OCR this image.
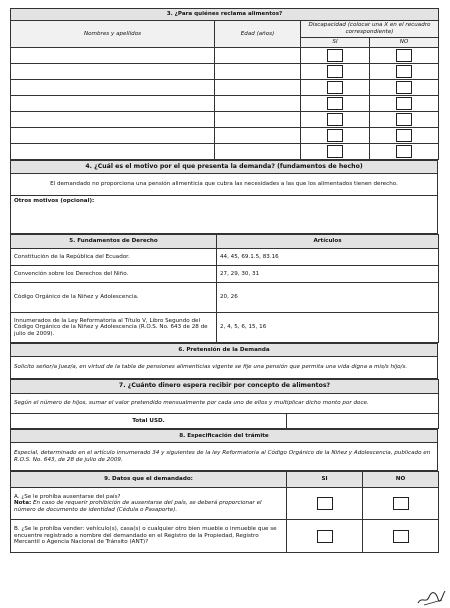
3. ¿Para quiénes reclama alimentos?			
Nombres y apellidos	Edad (años)	Discapacidad (colocar una X en el recuadro correspondiente)	
		SI	NO

4. ¿Cuál es el motivo por el que presenta la demanda? (fundamentos de hecho)
El demandado no proporciona una pensión alimenticia que cubra las necesidades a las que los alimentados tienen derecho.
Otros motivos (opcional):
5. Fundamentos de Derecho	Artículos
Constitución de la República del Ecuador.	44, 45, 69.1.5, 83.16
Convención sobre los Derechos del Niño.	27, 29, 30, 31
Código Orgánico de la Niñez y Adolescencia.	20, 26
Innumerados de la Ley Reformatoria al Título V, Libro Segundo del Código Orgánico de la Niñez y Adolescencia (R.O.S. No. 643 de 28 de julio de 2009).	2, 4, 5, 6, 15, 16
6. Pretensión de la Demanda
Solicito señor/a Juez/a, en virtud de la tabla de pensiones alimenticias vigente se fije una pensión que permita una vida digna a mis/s hijo/s.
7. ¿Cuánto dinero espera recibir por concepto de alimentos?
Según el número de hijos, sumar el valor pretendido mensualmente por cada uno de ellos y multiplicar dicho monto por doce.
Total USD.	
8. Especificación del trámite
Especial, determinado en el artículo innumerado 34 y siguientes de la ley Reformatoria al Código Orgánico de la Niñez y Adolescencia, publicado en R.O.S. No. 643, de 28 de julio de 2009.
9. Datos que el demandado:	SI	NO
A. ¿Se le prohíba ausentarse del país?
Nota: En caso de requerir prohibición de ausentarse del país, se deberá proporcionar el número de documento de identidad (Cédula o Pasaporte).		
B. ¿Se le prohíba vender: vehículo(s), casa(s) o cualquier otro bien mueble o inmueble que se encuentre registrado a nombre del demandado en el Registro de la Propiedad, Registro Mercantil o Agencia Nacional de Tránsito (ANT)?		
